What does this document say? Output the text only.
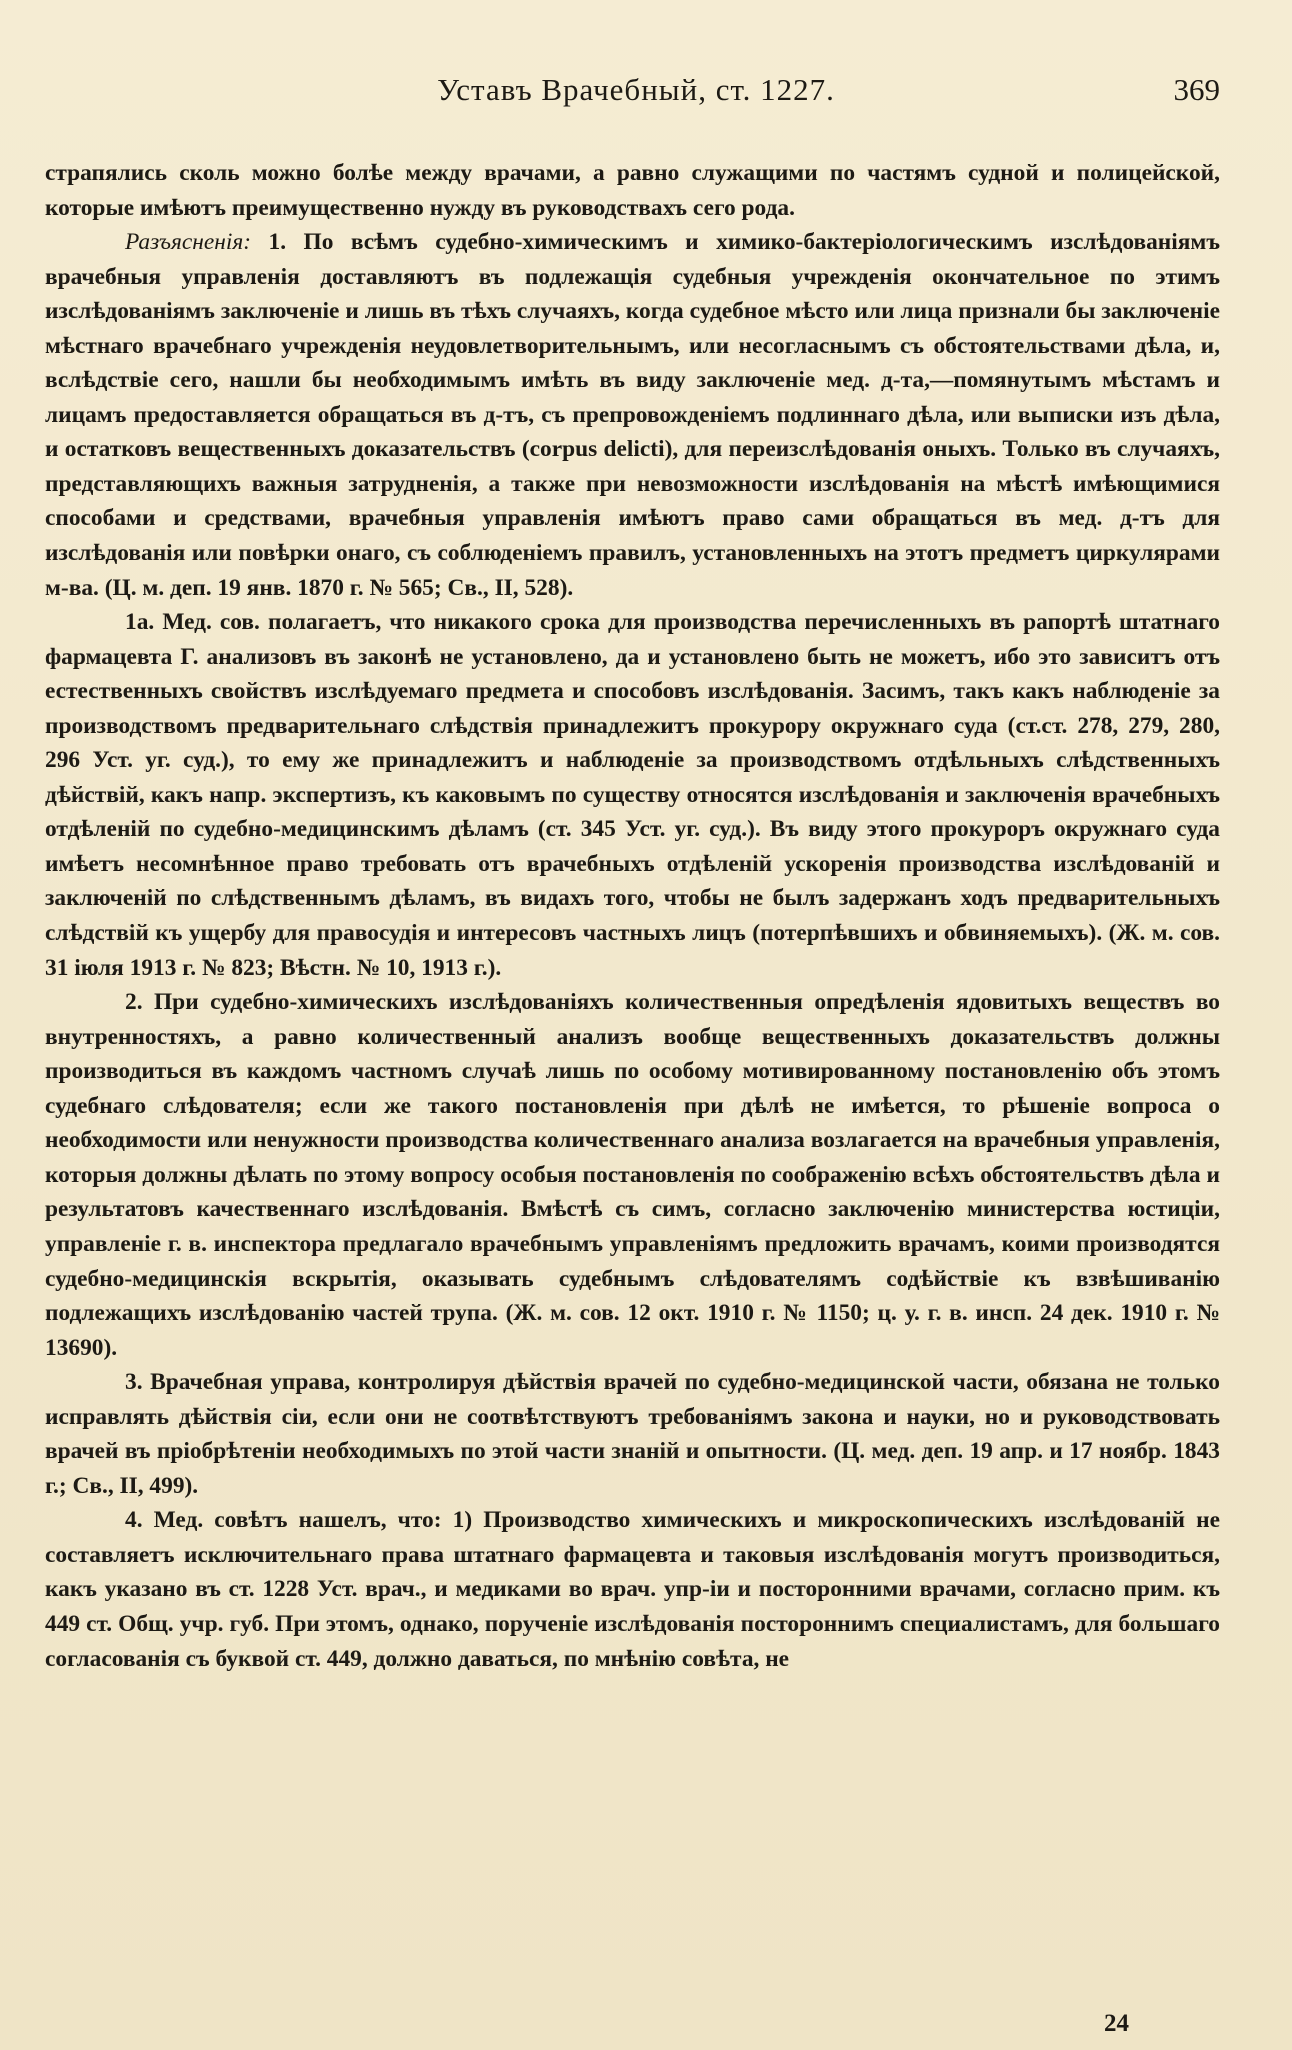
Уставъ Врачебный, ст. 1227.	369

страпялись сколь можно болѣе между врачами, а равно служащими по частямъ судной и полицейской, которые имѣютъ преимущественно нужду въ руководствахъ сего рода.

Разъясненія: 1. По всѣмъ судебно-химическимъ и химико-бактеріологическимъ изслѣдованіямъ врачебныя управленія доставляютъ въ подлежащія судебныя учрежденія окончательное по этимъ изслѣдованіямъ заключеніе и лишь въ тѣхъ случаяхъ, когда судебное мѣсто или лица признали бы заключеніе мѣстнаго врачебнаго учрежденія неудовлетворительнымъ, или несогласнымъ съ обстоятельствами дѣла, и, вслѣдствіе сего, нашли бы необходимымъ имѣть въ виду заключеніе мед. д-та,—помянутымъ мѣстамъ и лицамъ предоставляется обращаться въ д-тъ, съ препровожденіемъ подлиннаго дѣла, или выписки изъ дѣла, и остатковъ вещественныхъ доказательствъ (corpus delicti), для переизслѣдованія оныхъ. Только въ случаяхъ, представляющихъ важныя затрудненія, а также при невозможности изслѣдованія на мѣстѣ имѣющимися способами и средствами, врачебныя управленія имѣютъ право сами обращаться въ мед. д-тъ для изслѣдованія или повѣрки онаго, съ соблюденіемъ правилъ, установленныхъ на этотъ предметъ циркулярами м-ва. (Ц. м. деп. 19 янв. 1870 г. № 565; Св., II, 528).

1а. Мед. сов. полагаетъ, что никакого срока для производства перечисленныхъ въ рапортѣ штатнаго фармацевта Г. анализовъ въ законѣ не установлено, да и установлено быть не можетъ, ибо это зависитъ отъ естественныхъ свойствъ изслѣдуемаго предмета и способовъ изслѣдованія. Засимъ, такъ какъ наблюденіе за производствомъ предварительнаго слѣдствія принадлежитъ прокурору окружнаго суда (ст.ст. 278, 279, 280, 296 Уст. уг. суд.), то ему же принадлежитъ и наблюденіе за производствомъ отдѣльныхъ слѣдственныхъ дѣйствій, какъ напр. экспертизъ, къ каковымъ по существу относятся изслѣдованія и заключенія врачебныхъ отдѣленій по судебно-медицинскимъ дѣламъ (ст. 345 Уст. уг. суд.). Въ виду этого прокуроръ окружнаго суда имѣетъ несомнѣнное право требовать отъ врачебныхъ отдѣленій ускоренія производства изслѣдованій и заключеній по слѣдственнымъ дѣламъ, въ видахъ того, чтобы не былъ задержанъ ходъ предварительныхъ слѣдствій къ ущербу для правосудія и интересовъ частныхъ лицъ (потерпѣвшихъ и обвиняемыхъ). (Ж. м. сов. 31 іюля 1913 г. № 823; Вѣстн. № 10, 1913 г.).

2. При судебно-химическихъ изслѣдованіяхъ количественныя опредѣленія ядовитыхъ веществъ во внутренностяхъ, а равно количественный анализъ вообще вещественныхъ доказательствъ должны производиться въ каждомъ частномъ случаѣ лишь по особому мотивированному постановленію объ этомъ судебнаго слѣдователя; если же такого постановленія при дѣлѣ не имѣется, то рѣшеніе вопроса о необходимости или ненужности производства количественнаго анализа возлагается на врачебныя управленія, которыя должны дѣлать по этому вопросу особыя постановленія по соображенію всѣхъ обстоятельствъ дѣла и результатовъ качественнаго изслѣдованія. Вмѣстѣ съ симъ, согласно заключенію министерства юстиціи, управленіе г. в. инспектора предлагало врачебнымъ управленіямъ предложить врачамъ, коими производятся судебно-медицинскія вскрытія, оказывать судебнымъ слѣдователямъ содѣйствіе къ взвѣшиванію подлежащихъ изслѣдованію частей трупа. (Ж. м. сов. 12 окт. 1910 г. № 1150; ц. у. г. в. инсп. 24 дек. 1910 г. № 13690).

3. Врачебная управа, контролируя дѣйствія врачей по судебно-медицинской части, обязана не только исправлять дѣйствія сіи, если они не соотвѣтствуютъ требованіямъ закона и науки, но и руководствовать врачей въ пріобрѣтеніи необходимыхъ по этой части знаній и опытности. (Ц. мед. деп. 19 апр. и 17 ноябр. 1843 г.; Св., II, 499).

4. Мед. совѣтъ нашелъ, что: 1) Производство химическихъ и микроскопическихъ изслѣдованій не составляетъ исключительнаго права штатнаго фармацевта и таковыя изслѣдованія могутъ производиться, какъ указано въ ст. 1228 Уст. врач., и медиками во врач. упр-іи и посторонними врачами, согласно прим. къ 449 ст. Общ. учр. губ. При этомъ, однако, порученіе изслѣдованія постороннимъ специалистамъ, для большаго согласованія съ буквой ст. 449, должно даваться, по мнѣнію совѣта, не

24
